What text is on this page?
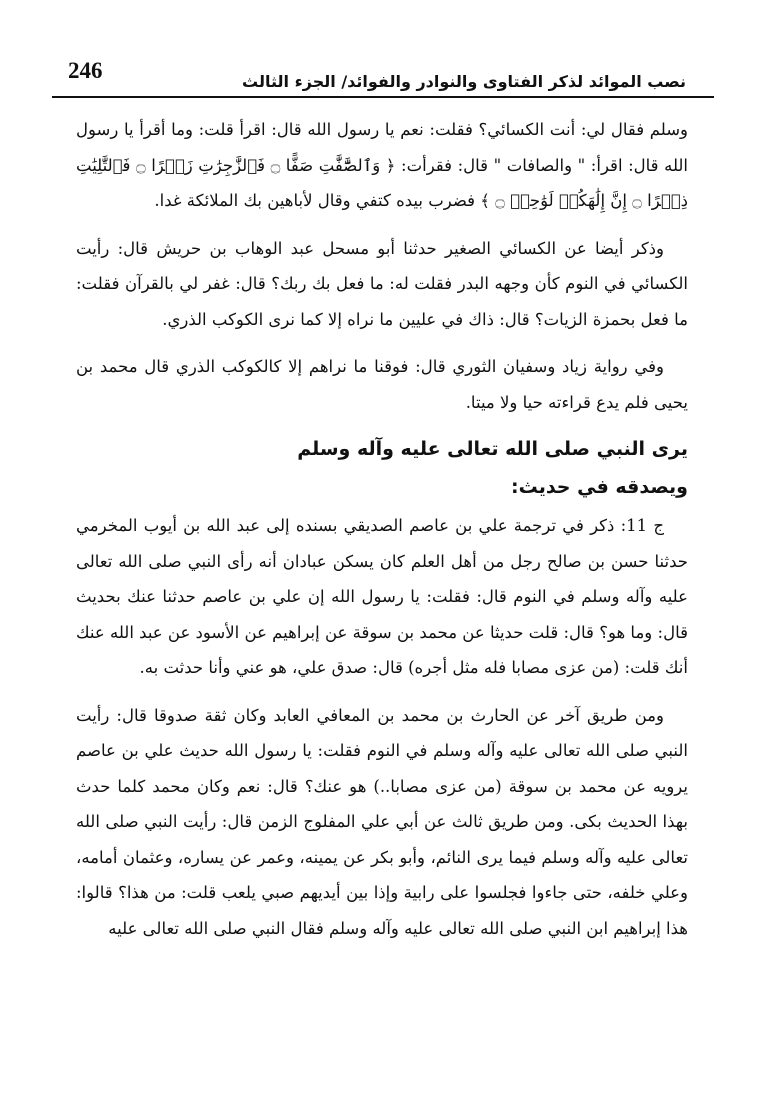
246	نصب الموائد لذكر الفتاوى والنوادر والفوائد/ الجزء الثالث

وسلم فقال لي: أنت الكسائي؟ فقلت: نعم يا رسول الله قال: اقرأ قلت: وما أقرأ يا رسول الله قال: اقرأ: " والصافات " قال: فقرأت: ﴿ وَٱلصَّٰٓفَّٰتِ صَفًّا ۝ فَٱلزَّٰجِرَٰتِ زَجۡرًا ۝ فَٱلتَّٰلِيَٰتِ ذِكۡرًا ۝ إِنَّ إِلَٰهَكُمۡ لَوَٰحِدٞ ۝ ﴾ فضرب بيده كتفي وقال لأباهين بك الملائكة غدا.

وذكر أيضا عن الكسائي الصغير حدثنا أبو مسحل عبد الوهاب بن حريش قال: رأيت الكسائي في النوم كأن وجهه البدر فقلت له: ما فعل بك ربك؟ قال: غفر لي بالقرآن فقلت: ما فعل بحمزة الزيات؟ قال: ذاك في عليين ما نراه إلا كما نرى الكوكب الذري.

وفي رواية زياد وسفيان الثوري قال: فوقنا ما نراهم إلا كالكوكب الذري قال محمد بن يحيى فلم يدع قراءته حيا ولا ميتا.

يرى النبي صلى الله تعالى عليه وآله وسلم
ويصدقه في حديث:

ج 11: ذكر في ترجمة علي بن عاصم الصديقي بسنده إلى عبد الله بن أيوب المخرمي حدثنا حسن بن صالح رجل من أهل العلم كان يسكن عبادان أنه رأى النبي صلى الله تعالى عليه وآله وسلم في النوم قال: فقلت: يا رسول الله إن علي بن عاصم حدثنا عنك بحديث قال: وما هو؟ قال: قلت حديثا عن محمد بن سوقة عن إبراهيم عن الأسود عن عبد الله عنك أنك قلت: (من عزى مصابا فله مثل أجره) قال: صدق علي، هو عني وأنا حدثت به.

ومن طريق آخر عن الحارث بن محمد بن المعافي العابد وكان ثقة صدوقا قال: رأيت النبي صلى الله تعالى عليه وآله وسلم في النوم فقلت: يا رسول الله حديث علي بن عاصم يرويه عن محمد بن سوقة (من عزى مصابا..) هو عنك؟ قال: نعم وكان محمد كلما حدث بهذا الحديث بكى. ومن طريق ثالث عن أبي علي المفلوج الزمن قال: رأيت النبي صلى الله تعالى عليه وآله وسلم فيما يرى النائم، وأبو بكر عن يمينه، وعمر عن يساره، وعثمان أمامه، وعلي خلفه، حتى جاءوا فجلسوا على رابية وإذا بين أيديهم صبي يلعب قلت: من هذا؟ قالوا: هذا إبراهيم ابن النبي صلى الله تعالى عليه وآله وسلم فقال النبي صلى الله تعالى عليه
